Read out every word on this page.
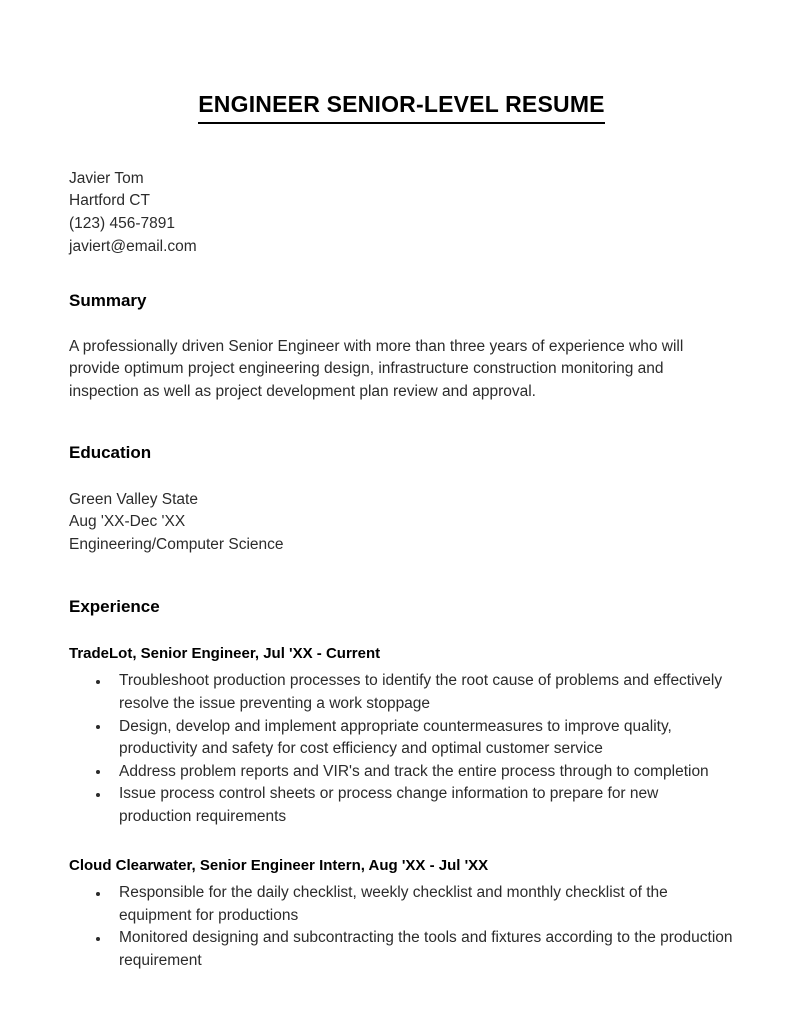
ENGINEER SENIOR-LEVEL RESUME
Javier Tom
Hartford CT
(123) 456-7891
javiert@email.com
Summary

A professionally driven Senior Engineer with more than three years of experience who will provide optimum project engineering design, infrastructure construction monitoring and inspection as well as project development plan review and approval.

Education
Green Valley State
Aug 'XX-Dec 'XX
Engineering/Computer Science
Experience
TradeLot, Senior Engineer, Jul 'XX - Current
Troubleshoot production processes to identify the root cause of problems and effectively resolve the issue preventing a work stoppage
Design, develop and implement appropriate countermeasures to improve quality, productivity and safety for cost efficiency and optimal customer service
Address problem reports and VIR's and track the entire process through to completion
Issue process control sheets or process change information to prepare for new production requirements
Cloud Clearwater, Senior Engineer Intern, Aug 'XX - Jul 'XX
Responsible for the daily checklist, weekly checklist and monthly checklist of the equipment for productions
Monitored designing and subcontracting the tools and fixtures according to the production requirement
